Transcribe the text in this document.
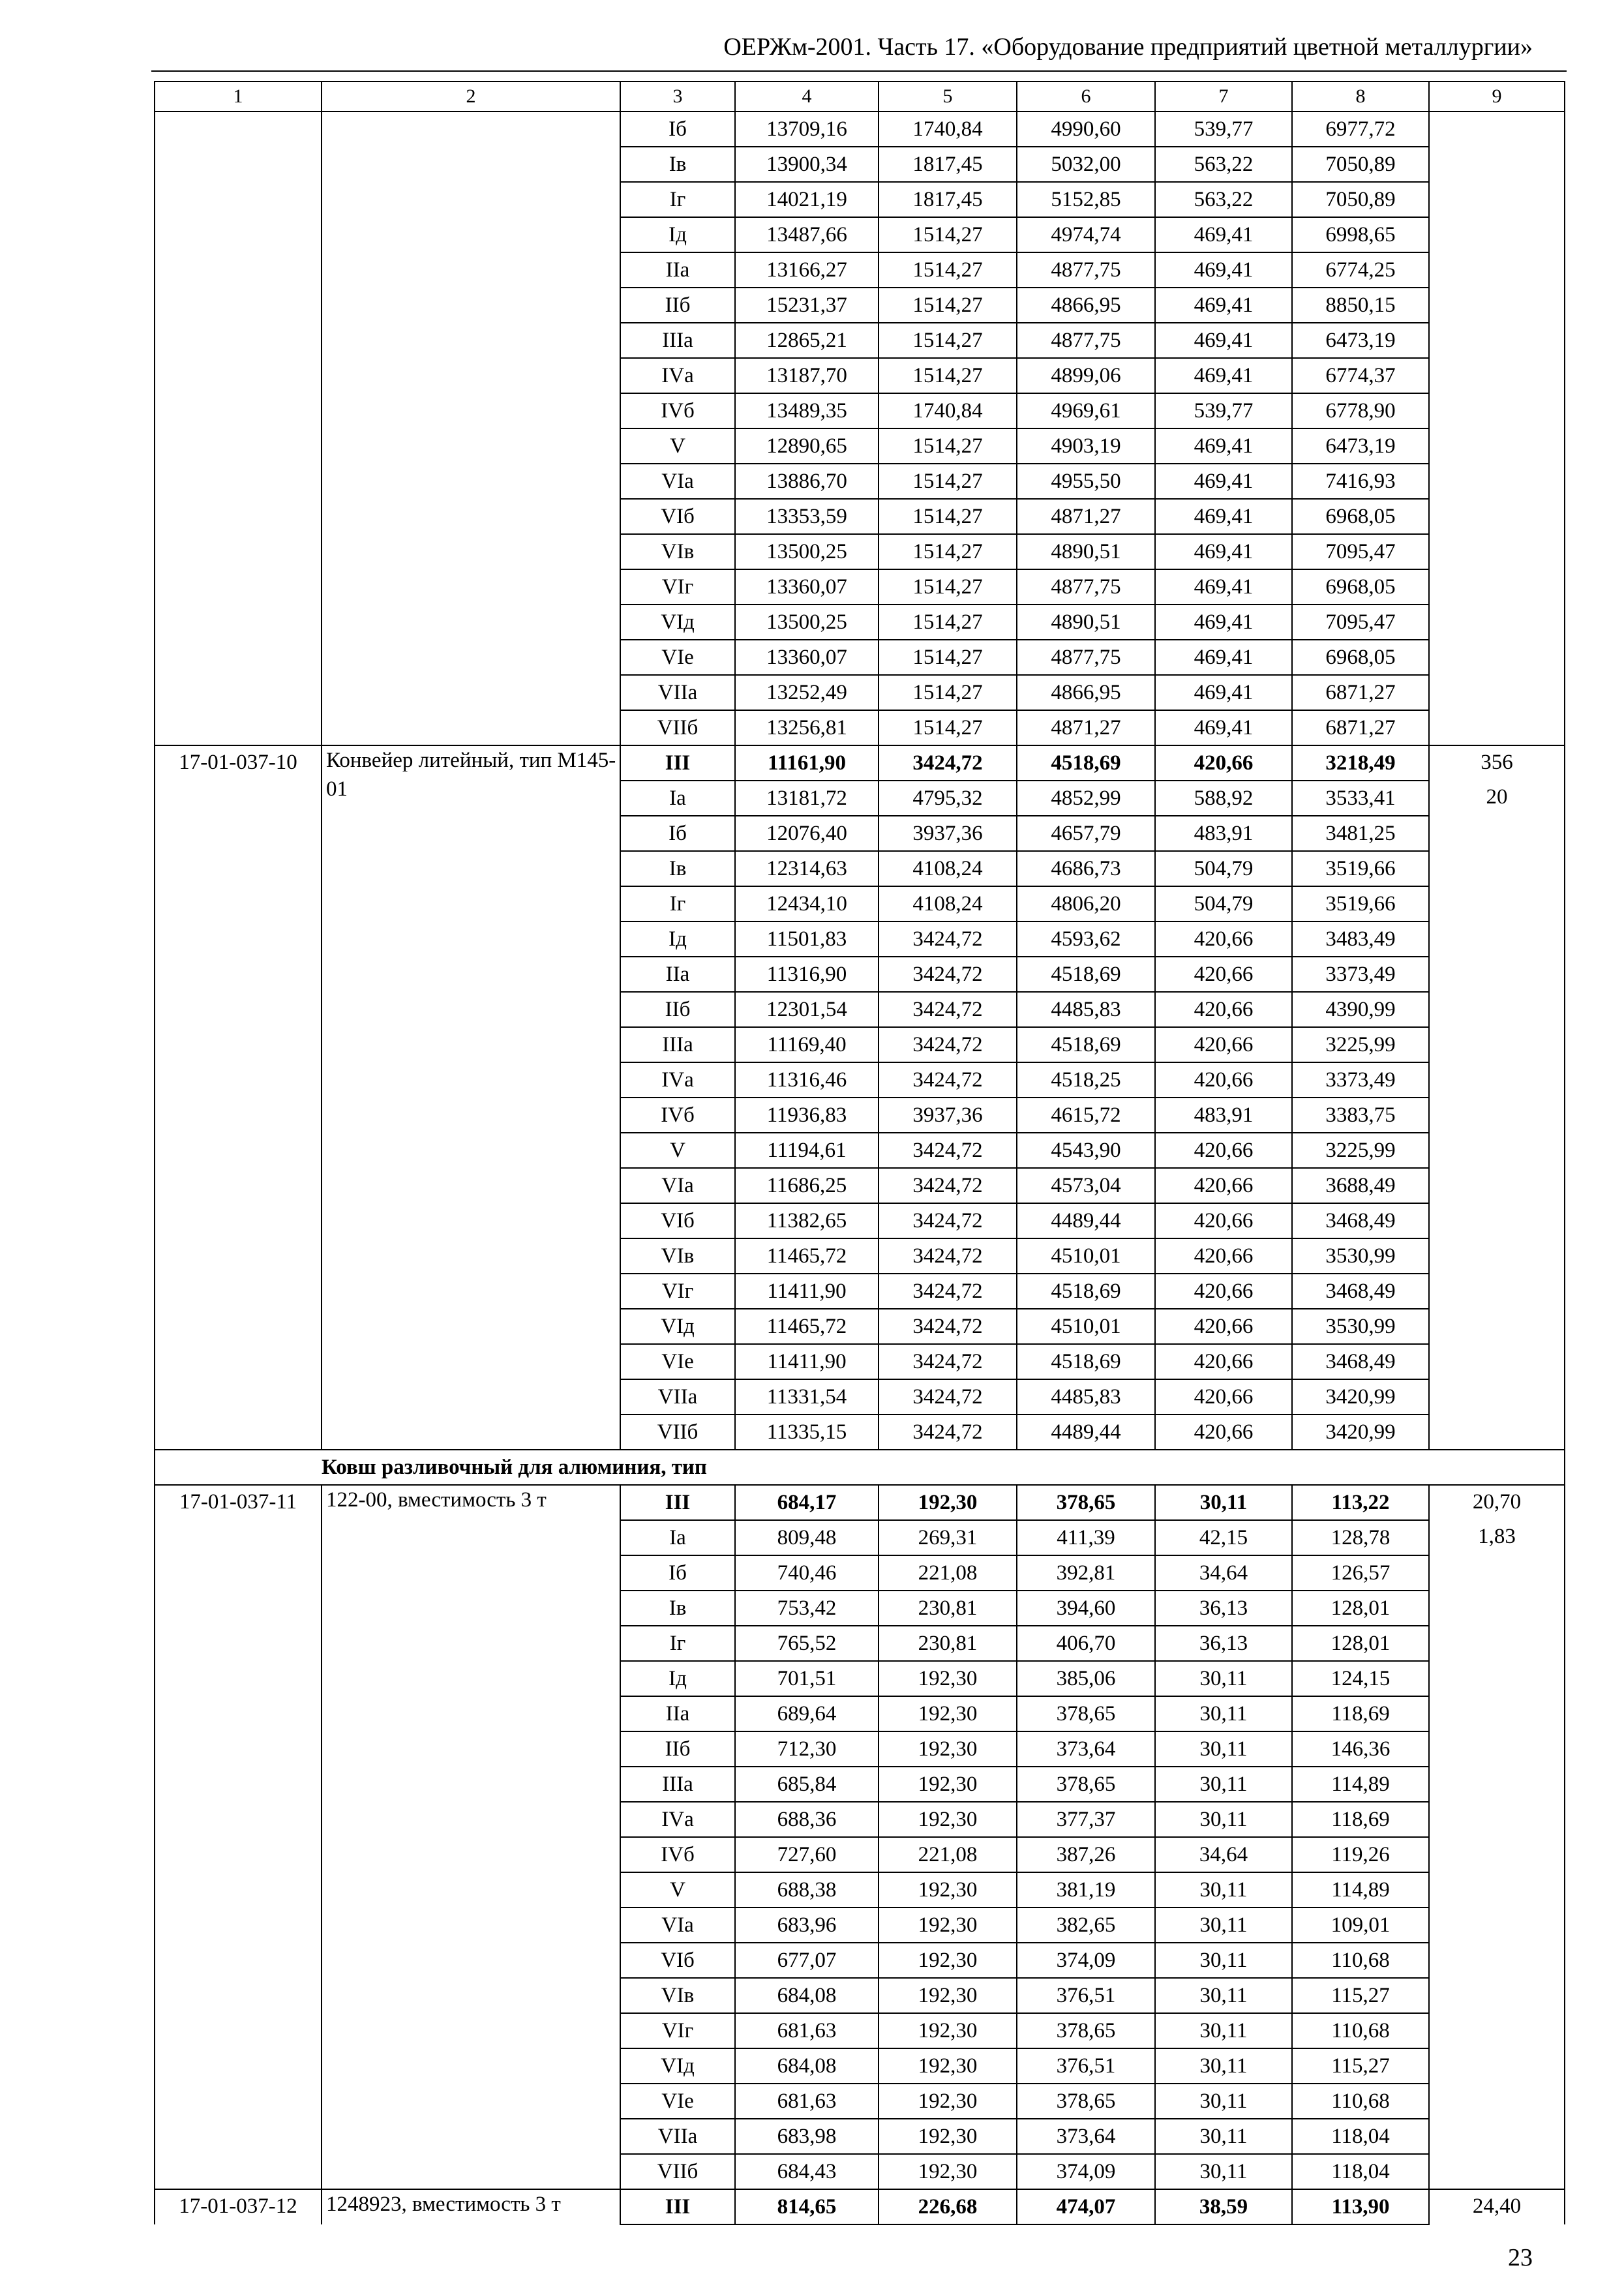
ОЕРЖм-2001. Часть 17. «Оборудование предприятий цветной металлургии»
1	2	3	4	5	6	7	8	9
		Iб	13709,16	1740,84	4990,60	539,77	6977,72	
		Iв	13900,34	1817,45	5032,00	563,22	7050,89	
		Iг	14021,19	1817,45	5152,85	563,22	7050,89	
		Iд	13487,66	1514,27	4974,74	469,41	6998,65	
		IIа	13166,27	1514,27	4877,75	469,41	6774,25	
		IIб	15231,37	1514,27	4866,95	469,41	8850,15	
		IIIа	12865,21	1514,27	4877,75	469,41	6473,19	
		IVа	13187,70	1514,27	4899,06	469,41	6774,37	
		IVб	13489,35	1740,84	4969,61	539,77	6778,90	
		V	12890,65	1514,27	4903,19	469,41	6473,19	
		VIа	13886,70	1514,27	4955,50	469,41	7416,93	
		VIб	13353,59	1514,27	4871,27	469,41	6968,05	
		VIв	13500,25	1514,27	4890,51	469,41	7095,47	
		VIг	13360,07	1514,27	4877,75	469,41	6968,05	
		VIд	13500,25	1514,27	4890,51	469,41	7095,47	
		VIе	13360,07	1514,27	4877,75	469,41	6968,05	
		VIIа	13252,49	1514,27	4866,95	469,41	6871,27	
		VIIб	13256,81	1514,27	4871,27	469,41	6871,27	
17-01-037-10	Конвейер литейный, тип М145-01	III	11161,90	3424,72	4518,69	420,66	3218,49	356
		Iа	13181,72	4795,32	4852,99	588,92	3533,41	20
		Iб	12076,40	3937,36	4657,79	483,91	3481,25	
		Iв	12314,63	4108,24	4686,73	504,79	3519,66	
		Iг	12434,10	4108,24	4806,20	504,79	3519,66	
		Iд	11501,83	3424,72	4593,62	420,66	3483,49	
		IIа	11316,90	3424,72	4518,69	420,66	3373,49	
		IIб	12301,54	3424,72	4485,83	420,66	4390,99	
		IIIа	11169,40	3424,72	4518,69	420,66	3225,99	
		IVа	11316,46	3424,72	4518,25	420,66	3373,49	
		IVб	11936,83	3937,36	4615,72	483,91	3383,75	
		V	11194,61	3424,72	4543,90	420,66	3225,99	
		VIа	11686,25	3424,72	4573,04	420,66	3688,49	
		VIб	11382,65	3424,72	4489,44	420,66	3468,49	
		VIв	11465,72	3424,72	4510,01	420,66	3530,99	
		VIг	11411,90	3424,72	4518,69	420,66	3468,49	
		VIд	11465,72	3424,72	4510,01	420,66	3530,99	
		VIе	11411,90	3424,72	4518,69	420,66	3468,49	
		VIIа	11331,54	3424,72	4485,83	420,66	3420,99	
		VIIб	11335,15	3424,72	4489,44	420,66	3420,99	
	Ковш разливочный для алюминия, тип							
17-01-037-11	122-00, вместимость 3 т	III	684,17	192,30	378,65	30,11	113,22	20,70
		Iа	809,48	269,31	411,39	42,15	128,78	1,83
		Iб	740,46	221,08	392,81	34,64	126,57	
		Iв	753,42	230,81	394,60	36,13	128,01	
		Iг	765,52	230,81	406,70	36,13	128,01	
		Iд	701,51	192,30	385,06	30,11	124,15	
		IIа	689,64	192,30	378,65	30,11	118,69	
		IIб	712,30	192,30	373,64	30,11	146,36	
		IIIа	685,84	192,30	378,65	30,11	114,89	
		IVа	688,36	192,30	377,37	30,11	118,69	
		IVб	727,60	221,08	387,26	34,64	119,26	
		V	688,38	192,30	381,19	30,11	114,89	
		VIа	683,96	192,30	382,65	30,11	109,01	
		VIб	677,07	192,30	374,09	30,11	110,68	
		VIв	684,08	192,30	376,51	30,11	115,27	
		VIг	681,63	192,30	378,65	30,11	110,68	
		VIд	684,08	192,30	376,51	30,11	115,27	
		VIе	681,63	192,30	378,65	30,11	110,68	
		VIIа	683,98	192,30	373,64	30,11	118,04	
		VIIб	684,43	192,30	374,09	30,11	118,04	
17-01-037-12	1248923, вместимость 3 т	III	814,65	226,68	474,07	38,59	113,90	24,40
23
